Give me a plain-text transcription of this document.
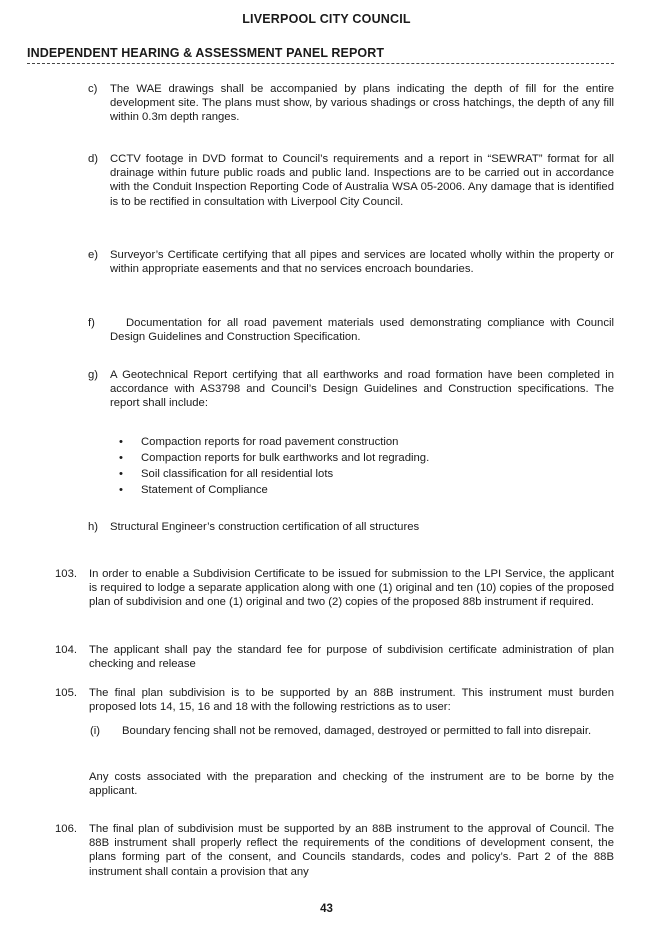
LIVERPOOL CITY COUNCIL
INDEPENDENT HEARING & ASSESSMENT PANEL REPORT
c) The WAE drawings shall be accompanied by plans indicating the depth of fill for the entire development site. The plans must show, by various shadings or cross hatchings, the depth of any fill within 0.3m depth ranges.
d) CCTV footage in DVD format to Council’s requirements and a report in “SEWRAT” format for all drainage within future public roads and public land. Inspections are to be carried out in accordance with the Conduit Inspection Reporting Code of Australia WSA 05-2006. Any damage that is identified is to be rectified in consultation with Liverpool City Council.
e) Surveyor’s Certificate certifying that all pipes and services are located wholly within the property or within appropriate easements and that no services encroach boundaries.
f)	Documentation for all road pavement materials used demonstrating compliance with Council Design Guidelines and Construction Specification.
g) A Geotechnical Report certifying that all earthworks and road formation have been completed in accordance with AS3798 and Council’s Design Guidelines and Construction specifications. The report shall include:
• Compaction reports for road pavement construction
• Compaction reports for bulk earthworks and lot regrading.
• Soil classification for all residential lots
• Statement of Compliance
h) Structural Engineer’s construction certification of all structures
103. In order to enable a Subdivision Certificate to be issued for submission to the LPI Service, the applicant is required to lodge a separate application along with one (1) original and ten (10) copies of the proposed plan of subdivision and one (1) original and two (2) copies of the proposed 88b instrument if required.
104. The applicant shall pay the standard fee for purpose of subdivision certificate administration of plan checking and release
105. The final plan subdivision is to be supported by an 88B instrument. This instrument must burden proposed lots 14, 15, 16 and 18 with the following restrictions as to user:
(i) Boundary fencing shall not be removed, damaged, destroyed or permitted to fall into disrepair.
Any costs associated with the preparation and checking of the instrument are to be borne by the applicant.
106. The final plan of subdivision must be supported by an 88B instrument to the approval of Council. The 88B instrument shall properly reflect the requirements of the conditions of development consent, the plans forming part of the consent, and Councils standards, codes and policy’s. Part 2 of the 88B instrument shall contain a provision that any
43
